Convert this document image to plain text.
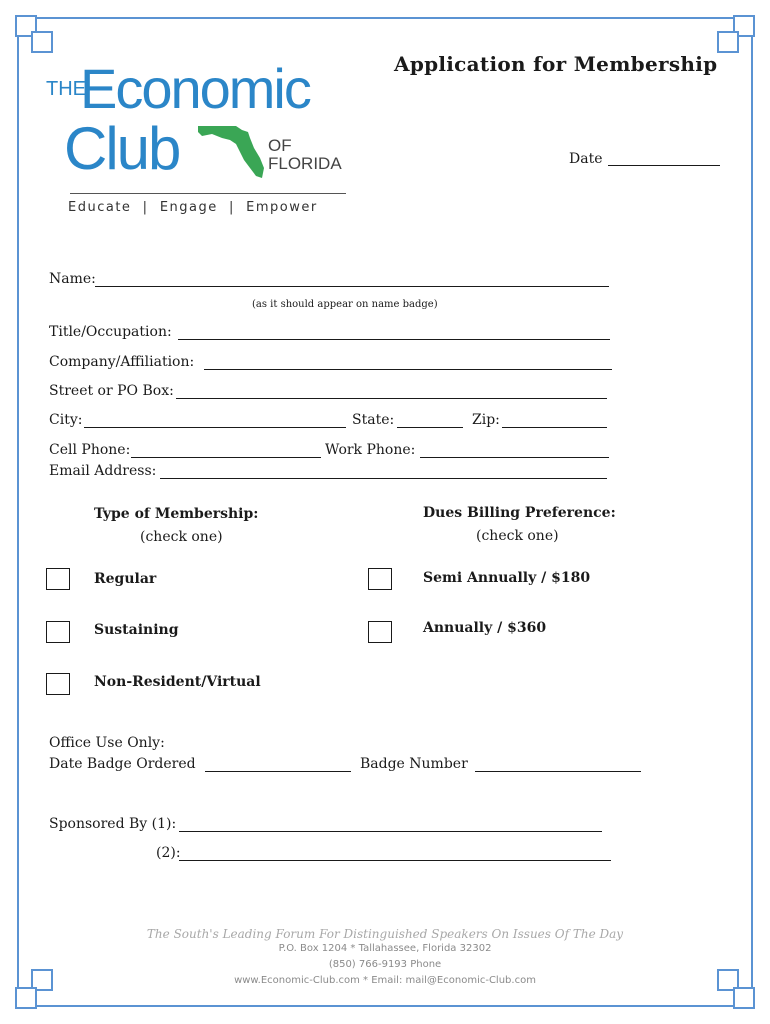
THE
Economic
Club	OF
FLORIDA
Educate  |  Engage  |  Empower
Application for Membership
Date
Name:
(as it should appear on name badge)
Title/Occupation:
Company/Affiliation:
Street or PO Box:
City:	State:	Zip:
Cell Phone:	Work Phone:
Email Address:
Type of Membership:
(check one)
Regular
Sustaining
Non-Resident/Virtual
Dues Billing Preference:
(check one)
Semi Annually / $180
Annually / $360
Office Use Only:
Date Badge Ordered	Badge Number
Sponsored By (1):
(2):
The South's Leading Forum For Distinguished Speakers On Issues Of The Day
P.O. Box 1204 * Tallahassee, Florida 32302
(850) 766-9193 Phone
www.Economic-Club.com * Email: mail@Economic-Club.com
